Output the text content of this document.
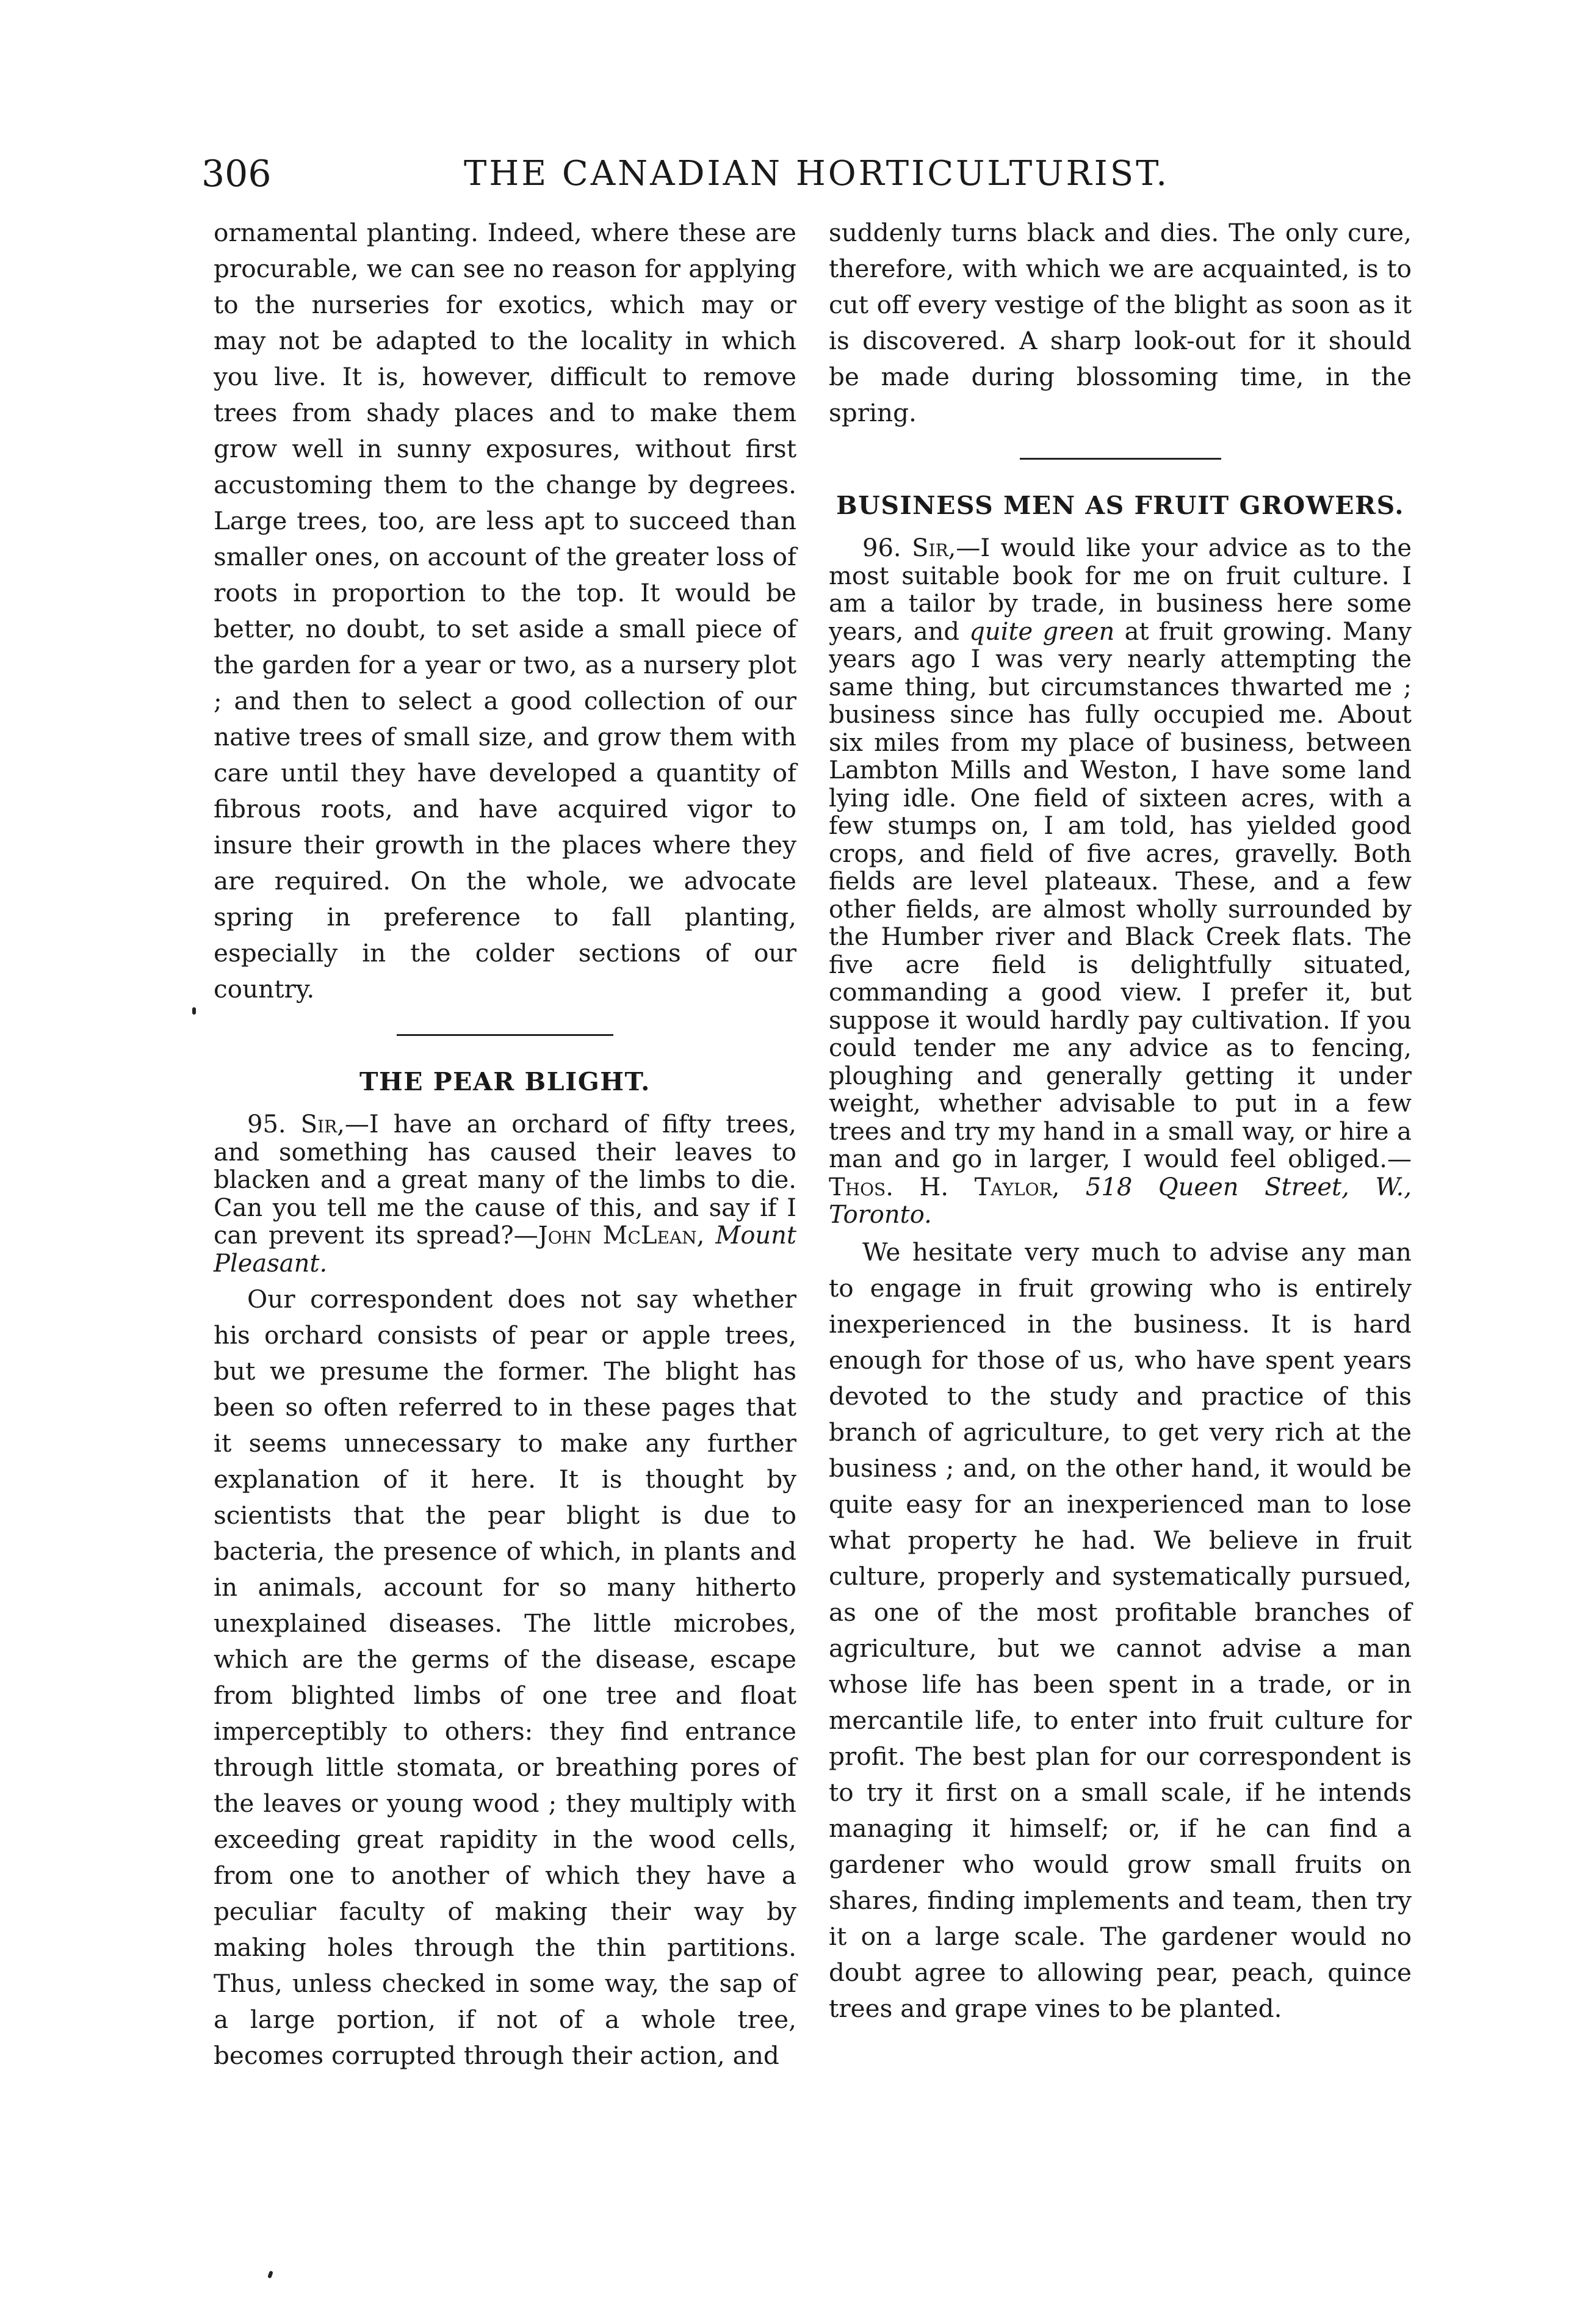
306	THE CANADIAN HORTICULTURIST.

ornamental planting. Indeed, where these are procurable, we can see no reason for applying to the nurseries for exotics, which may or may not be adapted to the locality in which you live. It is, however, difficult to remove trees from shady places and to make them grow well in sunny exposures, without first accustoming them to the change by degrees. Large trees, too, are less apt to succeed than smaller ones, on account of the greater loss of roots in proportion to the top. It would be better, no doubt, to set aside a small piece of the garden for a year or two, as a nursery plot ; and then to select a good collection of our native trees of small size, and grow them with care until they have developed a quantity of fibrous roots, and have acquired vigor to insure their growth in the places where they are required. On the whole, we advocate spring in preference to fall planting, especially in the colder sections of our country.

THE PEAR BLIGHT.

95. Sir,—I have an orchard of fifty trees, and something has caused their leaves to blacken and a great many of the limbs to die. Can you tell me the cause of this, and say if I can prevent its spread?—John McLean, Mount Pleasant.

Our correspondent does not say whether his orchard consists of pear or apple trees, but we presume the former. The blight has been so often referred to in these pages that it seems unnecessary to make any further explanation of it here. It is thought by scientists that the pear blight is due to bacteria, the presence of which, in plants and in animals, account for so many hitherto unexplained diseases. The little microbes, which are the germs of the disease, escape from blighted limbs of one tree and float imperceptibly to others: they find entrance through little stomata, or breathing pores of the leaves or young wood ; they multiply with exceeding great rapidity in the wood cells, from one to another of which they have a peculiar faculty of making their way by making holes through the thin partitions. Thus, unless checked in some way, the sap of a large portion, if not of a whole tree, becomes corrupted through their action, and

suddenly turns black and dies. The only cure, therefore, with which we are acquainted, is to cut off every vestige of the blight as soon as it is discovered. A sharp look-out for it should be made during blossoming time, in the spring.

BUSINESS MEN AS FRUIT GROWERS.

96. Sir,—I would like your advice as to the most suitable book for me on fruit culture. I am a tailor by trade, in business here some years, and quite green at fruit growing. Many years ago I was very nearly attempting the same thing, but circumstances thwarted me ; business since has fully occupied me. About six miles from my place of business, between Lambton Mills and Weston, I have some land lying idle. One field of sixteen acres, with a few stumps on, I am told, has yielded good crops, and field of five acres, gravelly. Both fields are level plateaux. These, and a few other fields, are almost wholly surrounded by the Humber river and Black Creek flats. The five acre field is delightfully situated, commanding a good view. I prefer it, but suppose it would hardly pay cultivation. If you could tender me any advice as to fencing, ploughing and generally getting it under weight, whether advisable to put in a few trees and try my hand in a small way, or hire a man and go in larger, I would feel obliged.—Thos. H. Taylor, 518 Queen Street, W., Toronto.

We hesitate very much to advise any man to engage in fruit growing who is entirely inexperienced in the business. It is hard enough for those of us, who have spent years devoted to the study and practice of this branch of agriculture, to get very rich at the business ; and, on the other hand, it would be quite easy for an inexperienced man to lose what property he had. We believe in fruit culture, properly and systematically pursued, as one of the most profitable branches of agriculture, but we cannot advise a man whose life has been spent in a trade, or in mercantile life, to enter into fruit culture for profit. The best plan for our correspondent is to try it first on a small scale, if he intends managing it himself; or, if he can find a gardener who would grow small fruits on shares, finding implements and team, then try it on a large scale. The gardener would no doubt agree to allowing pear, peach, quince trees and grape vines to be planted.
